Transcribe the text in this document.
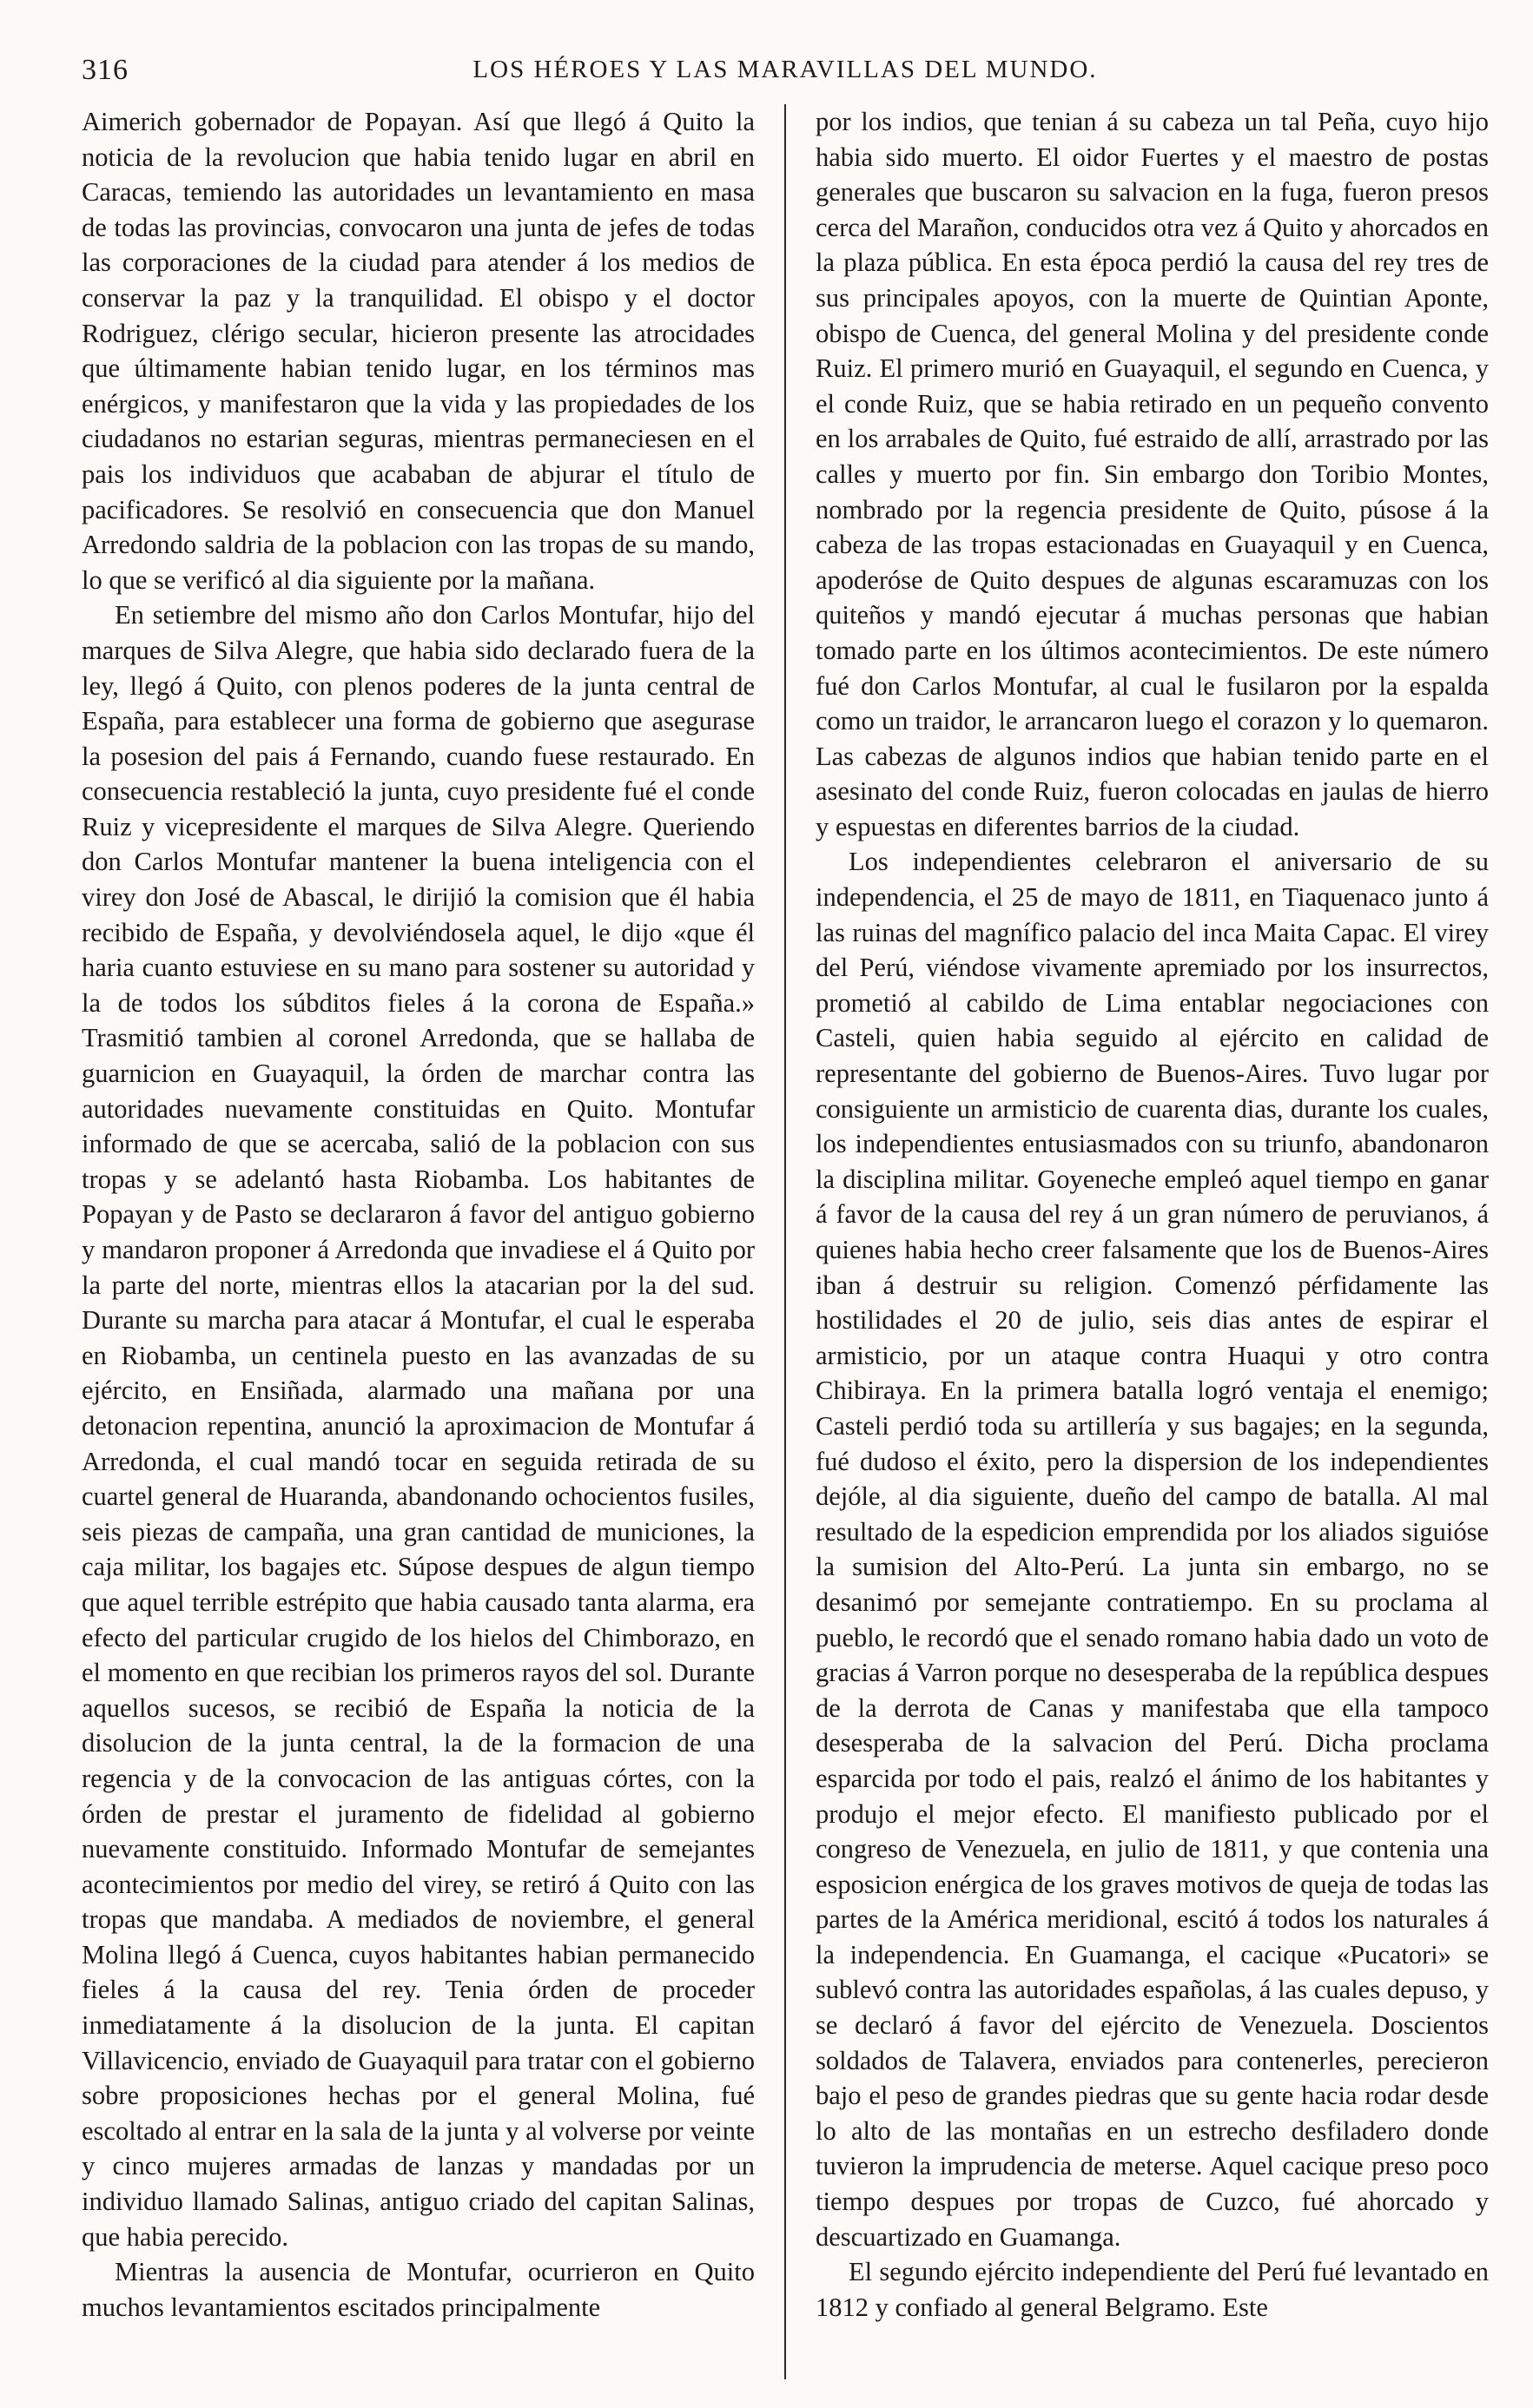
316	LOS HÉROES Y LAS MARAVILLAS DEL MUNDO.

Aimerich gobernador de Popayan. Así que llegó á Quito la noticia de la revolucion que habia tenido lugar en abril en Caracas, temiendo las autoridades un levantamiento en masa de todas las provincias, convocaron una junta de jefes de todas las corporaciones de la ciudad para atender á los medios de conservar la paz y la tranquilidad. El obispo y el doctor Rodriguez, clérigo secular, hicieron presente las atrocidades que últimamente habian tenido lugar, en los términos mas enérgicos, y manifestaron que la vida y las propiedades de los ciudadanos no estarian seguras, mientras permaneciesen en el pais los individuos que acababan de abjurar el título de pacificadores. Se resolvió en consecuencia que don Manuel Arredondo saldria de la poblacion con las tropas de su mando, lo que se verificó al dia siguiente por la mañana.

En setiembre del mismo año don Carlos Montufar, hijo del marques de Silva Alegre, que habia sido declarado fuera de la ley, llegó á Quito, con plenos poderes de la junta central de España, para establecer una forma de gobierno que asegurase la posesion del pais á Fernando, cuando fuese restaurado. En consecuencia restableció la junta, cuyo presidente fué el conde Ruiz y vicepresidente el marques de Silva Alegre. Queriendo don Carlos Montufar mantener la buena inteligencia con el virey don José de Abascal, le dirijió la comision que él habia recibido de España, y devolviéndosela aquel, le dijo «que él haria cuanto estuviese en su mano para sostener su autoridad y la de todos los súbditos fieles á la corona de España.» Trasmitió tambien al coronel Arredonda, que se hallaba de guarnicion en Guayaquil, la órden de marchar contra las autoridades nuevamente constituidas en Quito. Montufar informado de que se acercaba, salió de la poblacion con sus tropas y se adelantó hasta Riobamba. Los habitantes de Popayan y de Pasto se declararon á favor del antiguo gobierno y mandaron proponer á Arredonda que invadiese el á Quito por la parte del norte, mientras ellos la atacarian por la del sud. Durante su marcha para atacar á Montufar, el cual le esperaba en Riobamba, un centinela puesto en las avanzadas de su ejército, en Ensiñada, alarmado una mañana por una detonacion repentina, anunció la aproximacion de Montufar á Arredonda, el cual mandó tocar en seguida retirada de su cuartel general de Huaranda, abandonando ochocientos fusiles, seis piezas de campaña, una gran cantidad de municiones, la caja militar, los bagajes etc. Súpose despues de algun tiempo que aquel terrible estrépito que habia causado tanta alarma, era efecto del particular crugido de los hielos del Chimborazo, en el momento en que recibian los primeros rayos del sol. Durante aquellos sucesos, se recibió de España la noticia de la disolucion de la junta central, la de la formacion de una regencia y de la convocacion de las antiguas córtes, con la órden de prestar el juramento de fidelidad al gobierno nuevamente constituido. Informado Montufar de semejantes acontecimientos por medio del virey, se retiró á Quito con las tropas que mandaba. A mediados de noviembre, el general Molina llegó á Cuenca, cuyos habitantes habian permanecido fieles á la causa del rey. Tenia órden de proceder inmediatamente á la disolucion de la junta. El capitan Villavicencio, enviado de Guayaquil para tratar con el gobierno sobre proposiciones hechas por el general Molina, fué escoltado al entrar en la sala de la junta y al volverse por veinte y cinco mujeres armadas de lanzas y mandadas por un individuo llamado Salinas, antiguo criado del capitan Salinas, que habia perecido.

Mientras la ausencia de Montufar, ocurrieron en Quito muchos levantamientos escitados principalmente

por los indios, que tenian á su cabeza un tal Peña, cuyo hijo habia sido muerto. El oidor Fuertes y el maestro de postas generales que buscaron su salvacion en la fuga, fueron presos cerca del Marañon, conducidos otra vez á Quito y ahorcados en la plaza pública. En esta época perdió la causa del rey tres de sus principales apoyos, con la muerte de Quintian Aponte, obispo de Cuenca, del general Molina y del presidente conde Ruiz. El primero murió en Guayaquil, el segundo en Cuenca, y el conde Ruiz, que se habia retirado en un pequeño convento en los arrabales de Quito, fué estraido de allí, arrastrado por las calles y muerto por fin. Sin embargo don Toribio Montes, nombrado por la regencia presidente de Quito, púsose á la cabeza de las tropas estacionadas en Guayaquil y en Cuenca, apoderóse de Quito despues de algunas escaramuzas con los quiteños y mandó ejecutar á muchas personas que habian tomado parte en los últimos acontecimientos. De este número fué don Carlos Montufar, al cual le fusilaron por la espalda como un traidor, le arrancaron luego el corazon y lo quemaron. Las cabezas de algunos indios que habian tenido parte en el asesinato del conde Ruiz, fueron colocadas en jaulas de hierro y espuestas en diferentes barrios de la ciudad.

Los independientes celebraron el aniversario de su independencia, el 25 de mayo de 1811, en Tiaquenaco junto á las ruinas del magnífico palacio del inca Maita Capac. El virey del Perú, viéndose vivamente apremiado por los insurrectos, prometió al cabildo de Lima entablar negociaciones con Casteli, quien habia seguido al ejército en calidad de representante del gobierno de Buenos-Aires. Tuvo lugar por consiguiente un armisticio de cuarenta dias, durante los cuales, los independientes entusiasmados con su triunfo, abandonaron la disciplina militar. Goyeneche empleó aquel tiempo en ganar á favor de la causa del rey á un gran número de peruvianos, á quienes habia hecho creer falsamente que los de Buenos-Aires iban á destruir su religion. Comenzó pérfidamente las hostilidades el 20 de julio, seis dias antes de espirar el armisticio, por un ataque contra Huaqui y otro contra Chibiraya. En la primera batalla logró ventaja el enemigo; Casteli perdió toda su artillería y sus bagajes; en la segunda, fué dudoso el éxito, pero la dispersion de los independientes dejóle, al dia siguiente, dueño del campo de batalla. Al mal resultado de la espedicion emprendida por los aliados siguióse la sumision del Alto-Perú. La junta sin embargo, no se desanimó por semejante contratiempo. En su proclama al pueblo, le recordó que el senado romano habia dado un voto de gracias á Varron porque no desesperaba de la república despues de la derrota de Canas y manifestaba que ella tampoco desesperaba de la salvacion del Perú. Dicha proclama esparcida por todo el pais, realzó el ánimo de los habitantes y produjo el mejor efecto. El manifiesto publicado por el congreso de Venezuela, en julio de 1811, y que contenia una esposicion enérgica de los graves motivos de queja de todas las partes de la América meridional, escitó á todos los naturales á la independencia. En Guamanga, el cacique «Pucatori» se sublevó contra las autoridades españolas, á las cuales depuso, y se declaró á favor del ejército de Venezuela. Doscientos soldados de Talavera, enviados para contenerles, perecieron bajo el peso de grandes piedras que su gente hacia rodar desde lo alto de las montañas en un estrecho desfiladero donde tuvieron la imprudencia de meterse. Aquel cacique preso poco tiempo despues por tropas de Cuzco, fué ahorcado y descuartizado en Guamanga.

El segundo ejército independiente del Perú fué levantado en 1812 y confiado al general Belgramo. Este
